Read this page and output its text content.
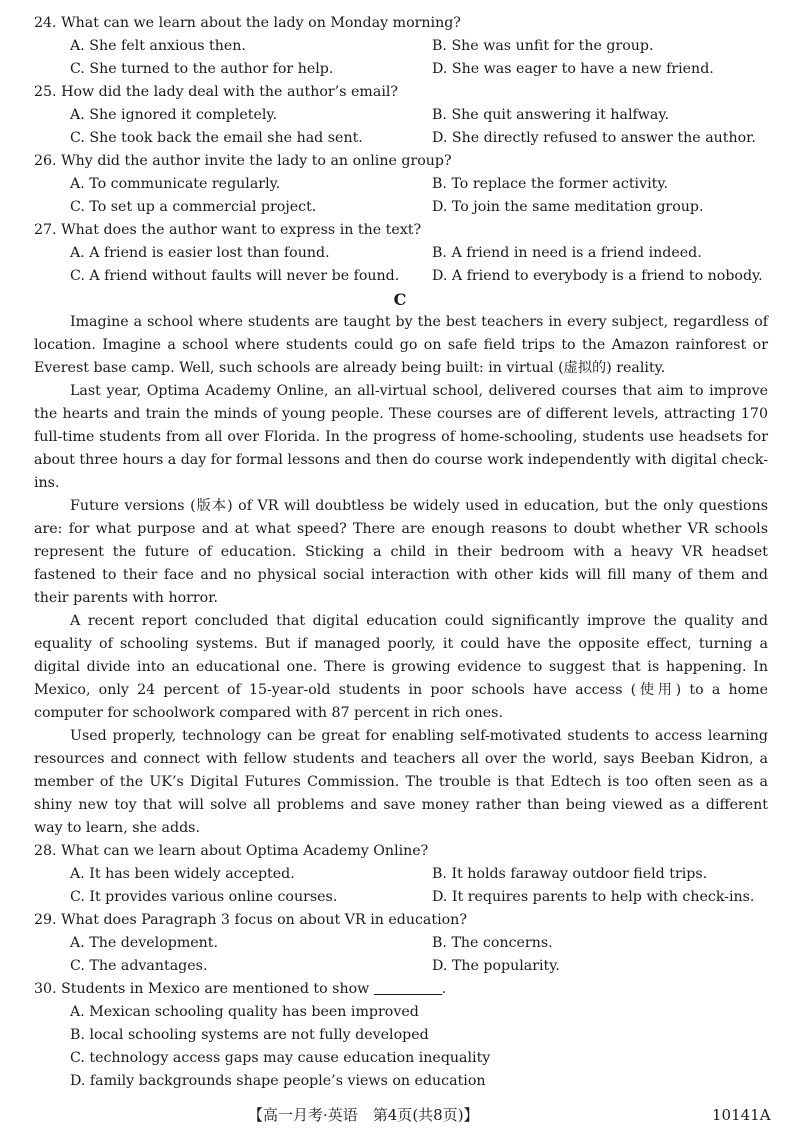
24. What can we learn about the lady on Monday morning?
A. She felt anxious then.	B. She was unfit for the group.
C. She turned to the author for help.	D. She was eager to have a new friend.
25. How did the lady deal with the author’s email?
A. She ignored it completely.	B. She quit answering it halfway.
C. She took back the email she had sent.	D. She directly refused to answer the author.
26. Why did the author invite the lady to an online group?
A. To communicate regularly.	B. To replace the former activity.
C. To set up a commercial project.	D. To join the same meditation group.
27. What does the author want to express in the text?
A. A friend is easier lost than found.	B. A friend in need is a friend indeed.
C. A friend without faults will never be found. D. A friend to everybody is a friend to nobody.
C

Imagine a school where students are taught by the best teachers in every subject, regardless of location. Imagine a school where students could go on safe field trips to the Amazon rainforest or Everest base camp. Well, such schools are already being built: in virtual (虚拟的) reality.

Last year, Optima Academy Online, an all-virtual school, delivered courses that aim to improve the hearts and train the minds of young people. These courses are of different levels, attracting 170 full-time students from all over Florida. In the progress of home-schooling, students use headsets for about three hours a day for formal lessons and then do course work independently with digital check-ins.

Future versions (版本) of VR will doubtless be widely used in education, but the only questions are: for what purpose and at what speed? There are enough reasons to doubt whether VR schools represent the future of education. Sticking a child in their bedroom with a heavy VR headset fastened to their face and no physical social interaction with other kids will fill many of them and their parents with horror.

A recent report concluded that digital education could significantly improve the quality and equality of schooling systems. But if managed poorly, it could have the opposite effect, turning a digital divide into an educational one. There is growing evidence to suggest that is happening. In Mexico, only 24 percent of 15-year-old students in poor schools have access (使用) to a home computer for schoolwork compared with 87 percent in rich ones.

Used properly, technology can be great for enabling self-motivated students to access learning resources and connect with fellow students and teachers all over the world, says Beeban Kidron, a member of the UK’s Digital Futures Commission. The trouble is that Edtech is too often seen as a shiny new toy that will solve all problems and save money rather than being viewed as a different way to learn, she adds.

28. What can we learn about Optima Academy Online?
A. It has been widely accepted.	B. It holds faraway outdoor field trips.
C. It provides various online courses.	D. It requires parents to help with check-ins.
29. What does Paragraph 3 focus on about VR in education?
A. The development.	B. The concerns.
C. The advantages.	D. The popularity.
30. Students in Mexico are mentioned to show	.
A. Mexican schooling quality has been improved
B. local schooling systems are not fully developed
C. technology access gaps may cause education inequality
D. family backgrounds shape people’s views on education
【高一月考·英语　第4页(共8页)】	10141A
